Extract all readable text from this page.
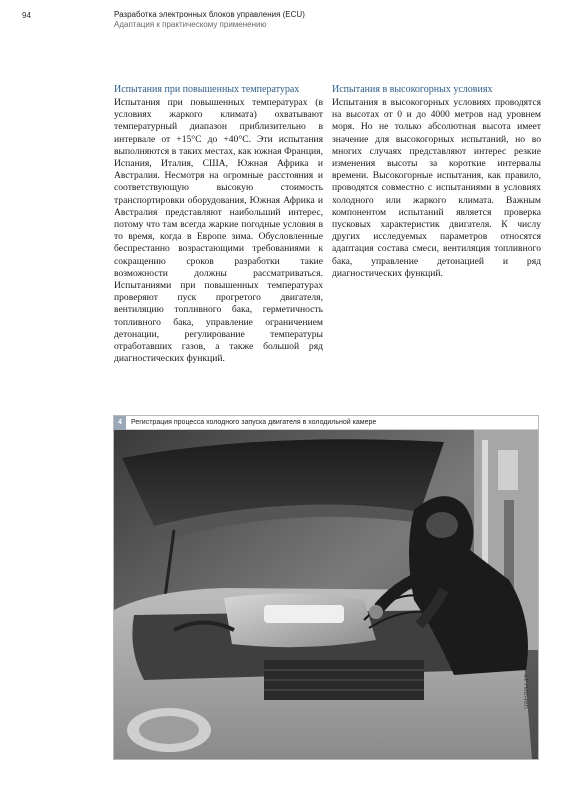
94	Разработка электронных блоков управления (ECU)
Адаптация к практическому применению
Испытания при повышенных температурах

Испытания при повышенных температурах (в условиях жаркого климата) охватывают температурный диапазон приблизительно в интервале от +15°C до +40°C. Эти испытания выполняются в таких местах, как южная Франция, Испания, Италия, США, Южная Африка и Австралия. Несмотря на огромные расстояния и соответствующую высокую стоимость транспортировки оборудования, Южная Африка и Австралия представляют наибольший интерес, потому что там всегда жаркие погодные условия в то время, когда в Европе зима. Обусловленные беспрестанно возрастающими требованиями к сокращению сроков разработки такие возможности должны рассматриваться. Испытаниями при повышенных температурах проверяют пуск прогретого двигателя, вентиляцию топливного бака, герметичность топливного бака, управление ограничением детонации, регулирование температуры отработавших газов, а также большой ряд диагностических функций.

Испытания в высокогорных условиях

Испытания в высокогорных условиях проводятся на высотах от 0 и до 4000 метров над уровнем моря. Но не только абсолютная высота имеет значение для высокогорных испытаний, но во многих случаях представляют интерес резкие изменения высоты за короткие интервалы времени. Высокогорные испытания, как правило, проводятся совместно с испытаниями в условиях холодного или жаркого климата. Важным компонентом испытаний является проверка пусковых характеристик двигателя. К числу других исследуемых параметров относятся адаптация состава смеси, вентиляция топливного бака, управление детонацией и ряд диагностических функций.

4	Регистрация процесса холодного запуска двигателя в холодильной камере
UAF0047-1Y
